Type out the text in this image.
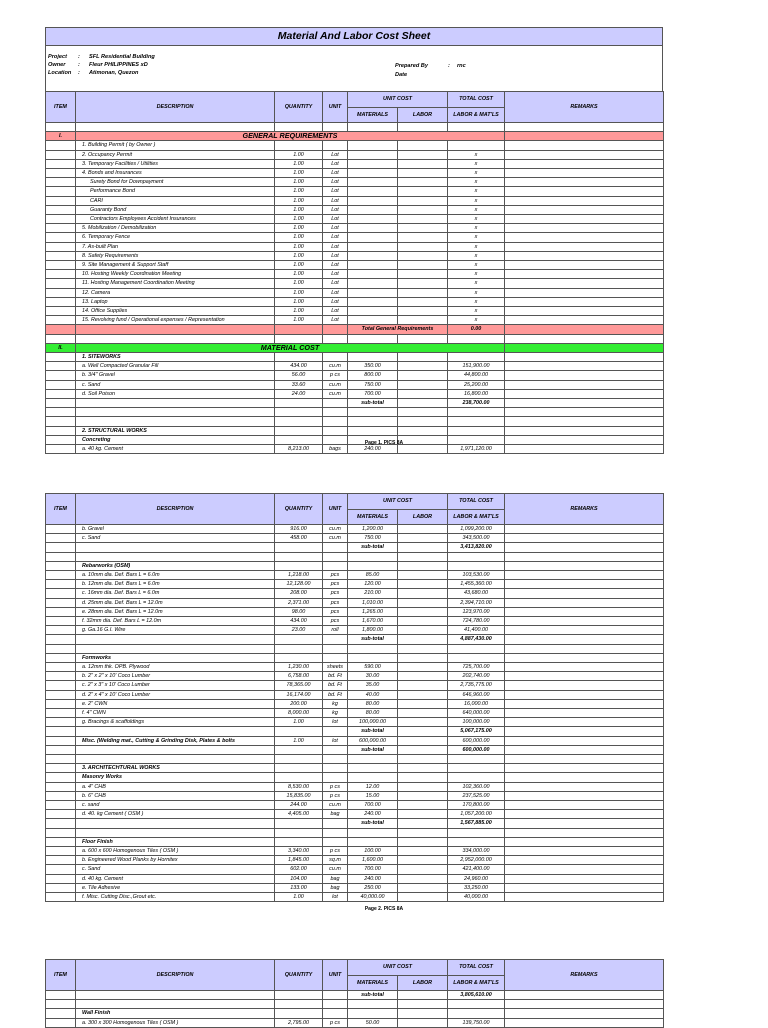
Material And Labor Cost Sheet
Project : SFL Residential Building
Owner : Fleur PHILIPPINES xD
Location : Atimonan, Quezon
Prepared By	: rnc
Date
ITEM	DESCRIPTION	QUANTITY	UNIT	UNIT COST		TOTAL COST	REMARKS
				MATERIALS	LABOR	LABOR & MAT'LS	

I.	GENERAL REQUIREMENTS						
	1. Building Permit ( by Owner )						
	2. Occupancy Permit	1.00	Lot			x	
	3. Temporary Facilities / Utilities	1.00	Lot			x	
	4. Bonds and Insurances	1.00	Lot			x	
	Surety Bond for Downpayment	1.00	Lot			x	
	Performance Bond	1.00	Lot			x	
	CARI	1.00	Lot			x	
	Guaranty Bond	1.00	Lot			x	
	Contractors Employees Accident Insurances	1.00	Lot			x	
	5. Mobilization / Demobilization	1.00	Lot			x	
	6. Temporary Fence	1.00	Lot			x	
	7. As-built Plan	1.00	Lot			x	
	8. Safety Requirements	1.00	Lot			x	
	9. Site Management & Support Staff	1.00	Lot			x	
	10. Hosting Weekly Coordination Meeting	1.00	Lot			x	
	11. Hosting Management Coordination Meeting	1.00	Lot			x	
	12. Camera	1.00	Lot			x	
	13. Laptop	1.00	Lot			x	
	14. Office Supplies	1.00	Lot			x	
	15. Revolving fund / Operational expenses / Representation	1.00	Lot			x	
				Total General Requirements		0.00	

II.	MATERIAL COST						
	1. SITEWORKS						
	a. Well Compacted Granular Fill	434.00	cu.m	350.00		151,900.00	
	b. 3/4" Gravel	56.00	p cs	800.00		44,800.00	
	c. Sand	33.60	cu.m	750.00		25,200.00	
	d. Soil Poison	24.00	cu.m	700.00		16,800.00	
				sub-total		238,700.00	

	2. STRUCTURAL WORKS						
	Concreting						
	a. 40 kg. Cement	8,213.00	bags	240.00		1,971,120.00	
Page 1. PICS 8A
ITEM	DESCRIPTION	QUANTITY	UNIT	UNIT COST		TOTAL COST	REMARKS
				MATERIALS	LABOR	LABOR & MAT'LS	
	b. Gravel	916.00	cu.m	1,200.00		1,099,200.00	
	c. Sand	458.00	cu.m	750.00		343,500.00	
				sub-total		3,413,820.00	

	Rebarworks (OSM)						
	a. 10mm dia. Def. Bars L = 6.0m	1,218.00	pcs	85.00		103,530.00	
	b. 12mm dia. Def. Bars L = 6.0m	12,128.00	pcs	120.00		1,455,360.00	
	c. 16mm dia. Def. Bars L = 6.0m	208.00	pcs	210.00		43,680.00	
	d. 25mm dia. Def. Bars L = 12.0m	2,371.00	pcs	1,010.00		2,394,710.00	
	e. 28mm dia. Def. Bars L = 12.0m	98.00	pcs	1,265.00		123,970.00	
	f. 32mm dia. Def. Bars L = 12.0m	434.00	pcs	1,670.00		724,780.00	
	g. Ga.16 G.I. Wire	23.00	roll	1,800.00		41,400.00	
				sub-total		4,887,430.00	

	Formworks						
	a. 12mm thk. OPB. Plywood	1,230.00	sheets	590.00		725,700.00	
	b. 2" x 2" x 10' Coco Lumber	6,758.00	bd. Ft	30.00		202,740.00	
	c. 2" x 3" x 10' Coco Lumber	78,365.00	bd. Ft	35.00		2,735,775.00	
	d. 2" x 4" x 10' Coco Lumber	16,174.00	bd. Ft	40.00		646,960.00	
	e. 2" CWN	200.00	kg	80.00		16,000.00	
	f. 4" CWN	8,000.00	kg	80.00		640,000.00	
	g. Bracings & scaffoldings	1.00	lot	100,000.00		100,000.00	
				sub-total		5,067,175.00	
	Misc. (Welding mat., Cutting & Grinding Disk, Plates & bolts	1.00	lot	600,000.00		600,000.00	
				sub-total		600,000.00	

	3. ARCHITECHTURAL WORKS						
	Masonry Works						
	a. 4" CHB	8,530.00	p cs	12.00		102,360.00	
	b. 6" CHB	15,835.00	p cs	15.00		237,525.00	
	c. sand	244.00	cu.m	700.00		170,800.00	
	d. 40. kg Cement ( OSM )	4,405.00	bag	240.00		1,057,200.00	
				sub-total		1,567,885.00	

	Floor Finish						
	a. 600 x 600 Homogenous Tiles ( OSM )	3,340.00	p cs	100.00		334,000.00	
	b. Engineered Wood Planks by Hornitex	1,845.00	sq.m	1,600.00		2,952,000.00	
	c. Sand	602.00	cu.m	700.00		421,400.00	
	d. 40 kg. Cement	104.00	bag	240.00		24,960.00	
	e. Tile Adhesive	133.00	bag	250.00		33,250.00	
	f. Misc. Cutting Disc.,Grout etc.	1.00	lot	40,000.00		40,000.00	
Page 2. PICS 8A
ITEM	DESCRIPTION	QUANTITY	UNIT	UNIT COST		TOTAL COST	REMARKS
				MATERIALS	LABOR	LABOR & MAT'LS	
				sub-total		3,805,610.00	

	Wall Finish						
	a. 300 x 300 Homogenous Tiles ( OSM )	2,795.00	p cs	50.00		139,750.00	
